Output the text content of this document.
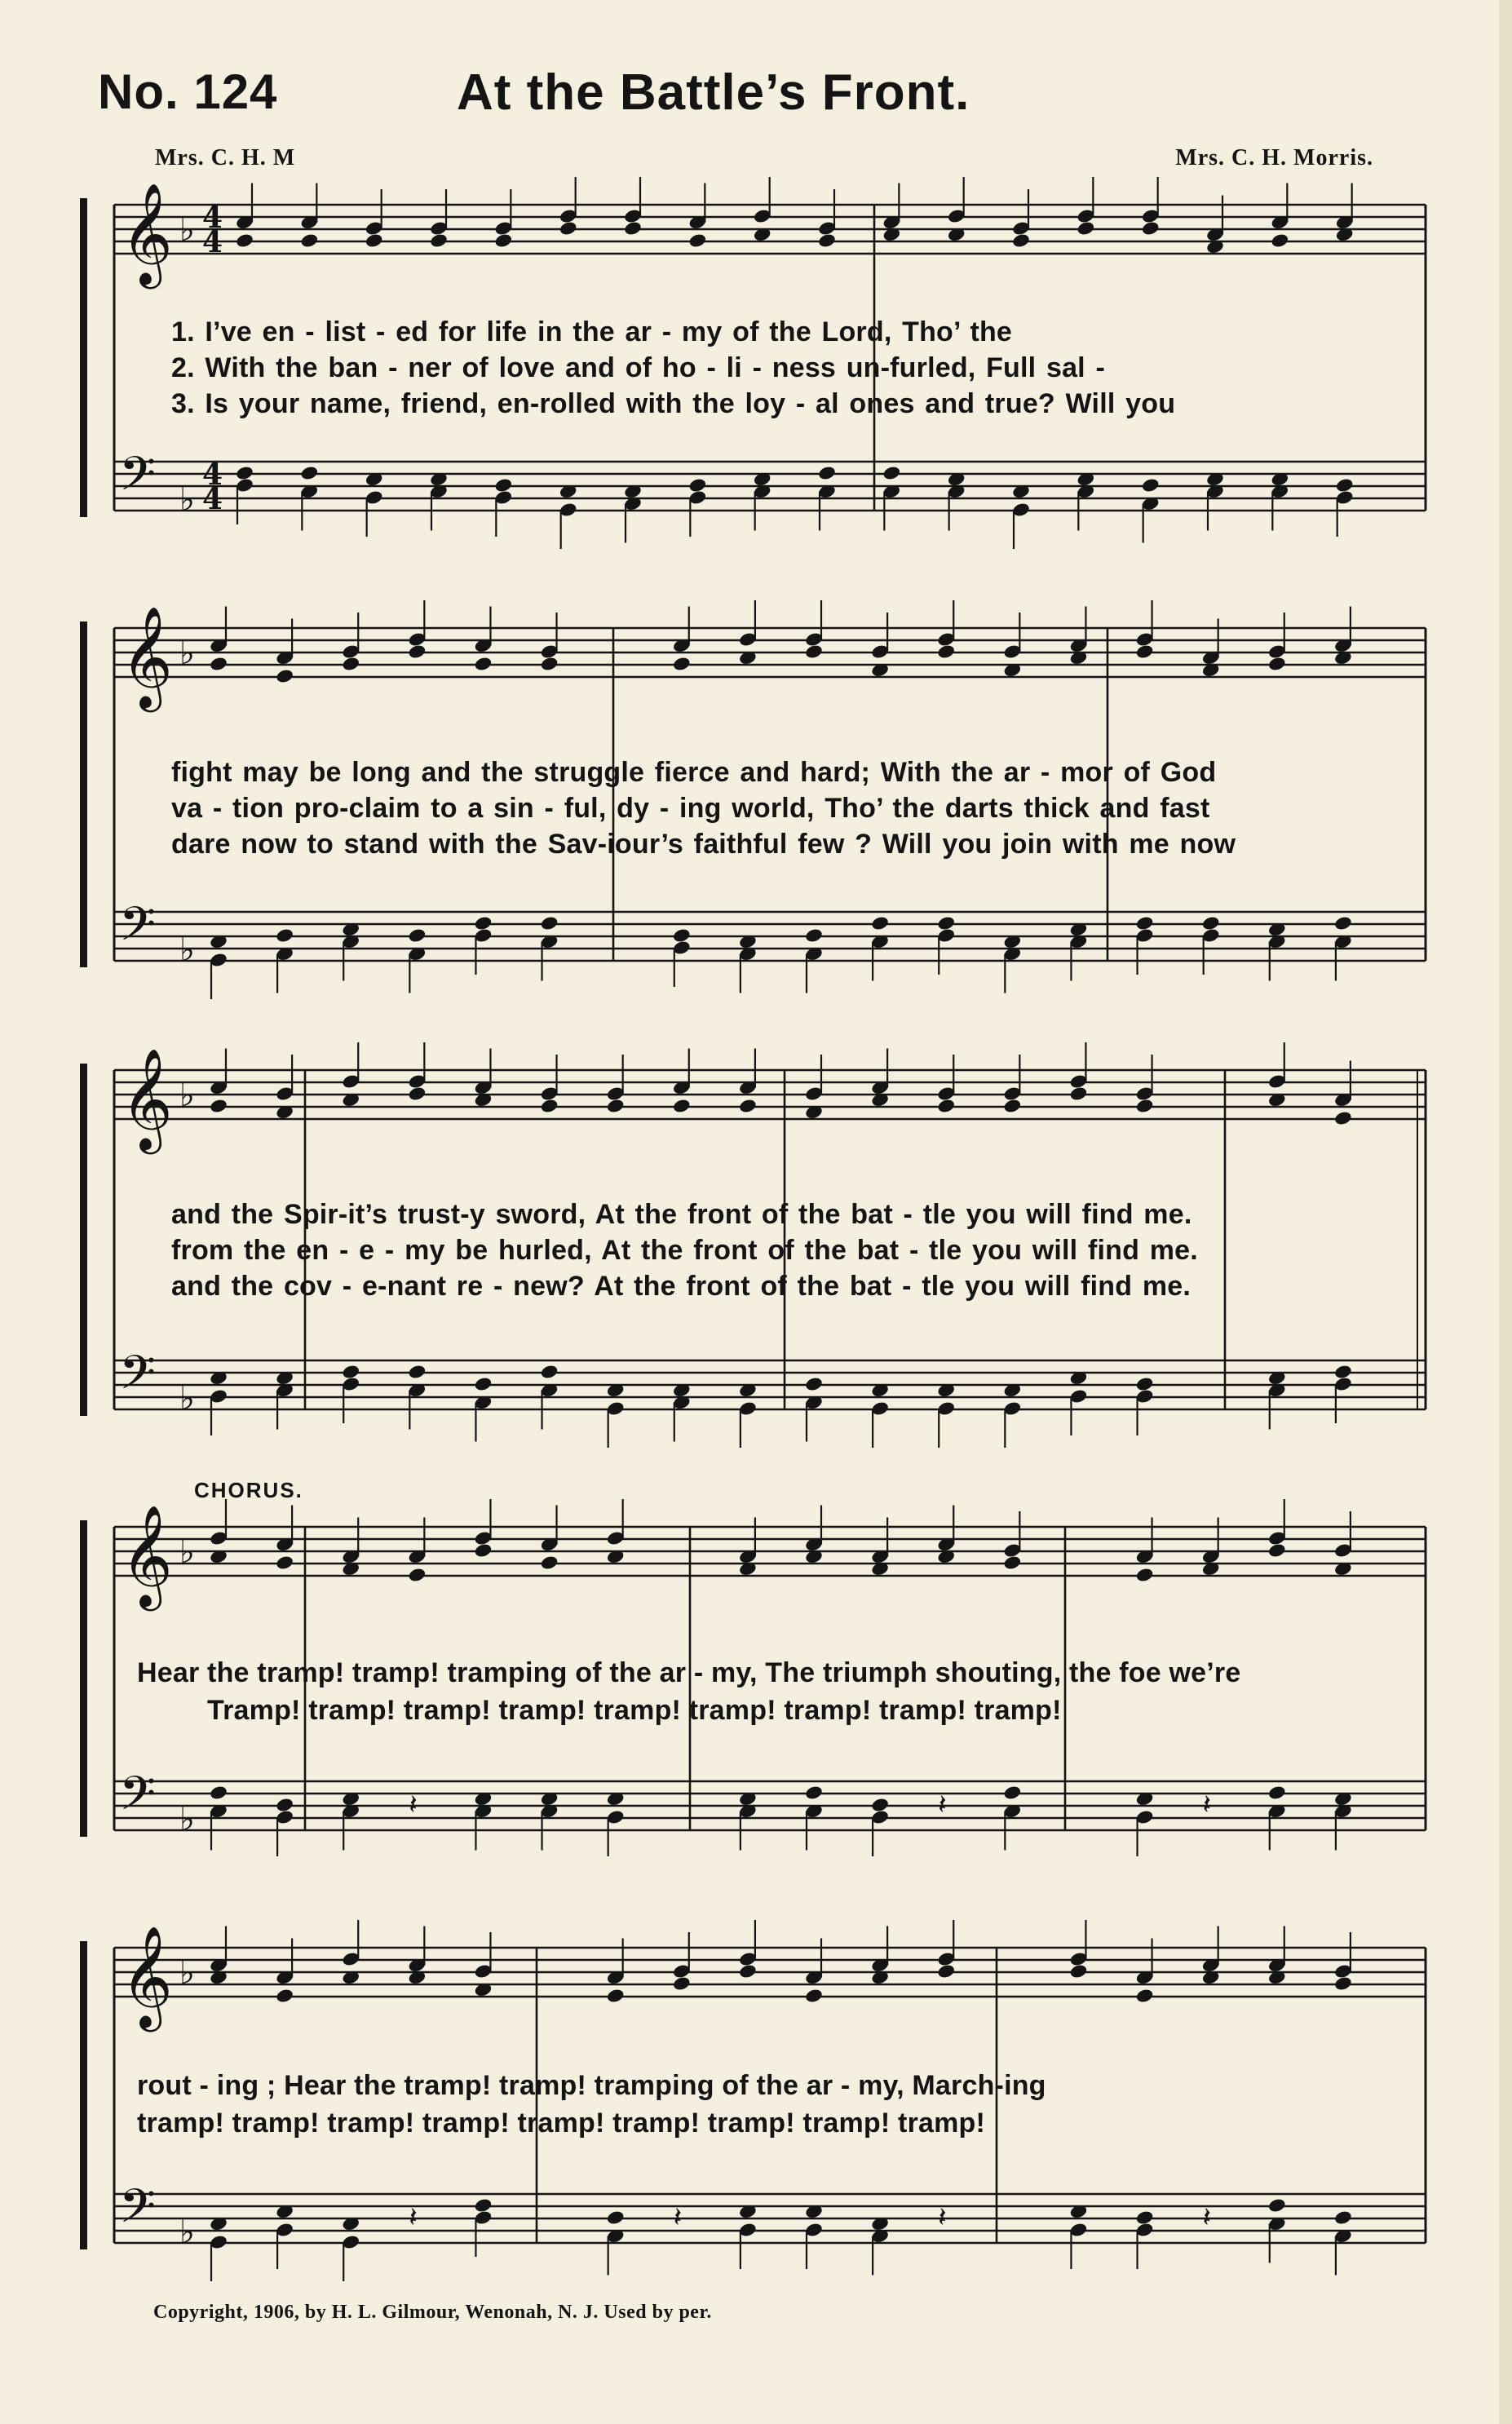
No. 124	At the Battle’s Front.
Mrs. C. H. M	Mrs. C. H. Morris.
𝄞 ♭ 4
4
𝄢 ♭
4
4
1. I’ve en - list - ed for life in the ar - my of the Lord, Tho’ the
2. With the ban - ner of love and of ho - li - ness un-furled, Full sal -
3. Is your name, friend, en-rolled with the loy - al ones and true? Will you
𝄞 ♭
𝄢 ♭
fight may be long and the struggle fierce and hard; With the ar - mor of God
va - tion pro-claim to a sin - ful, dy - ing world, Tho’ the darts thick and fast
dare now to stand with the Sav-iour’s faithful few ? Will you join with me now
𝄞 ♭
𝄢 ♭
and the Spir-it’s trust-y sword, At the front of the bat - tle you will find me.
from the en - e - my be hurled, At the front of the bat - tle you will find me.
and the cov - e-nant re - new? At the front of the bat - tle you will find me.
CHORUS.
𝄞 ♭
𝄢 ♭	𝄽	𝄽	𝄽
Hear the tramp! tramp! tramping of the ar - my, The triumph shouting, the foe we’re
Tramp! tramp! tramp! tramp! tramp! tramp! tramp! tramp! tramp!
𝄞 ♭
𝄢 ♭	𝄽	𝄽	𝄽	𝄽
rout - ing ; Hear the tramp! tramp! tramping of the ar - my, March-ing
tramp! tramp! tramp! tramp! tramp! tramp! tramp! tramp! tramp!
Copyright, 1906, by H. L. Gilmour, Wenonah, N. J. Used by per.
